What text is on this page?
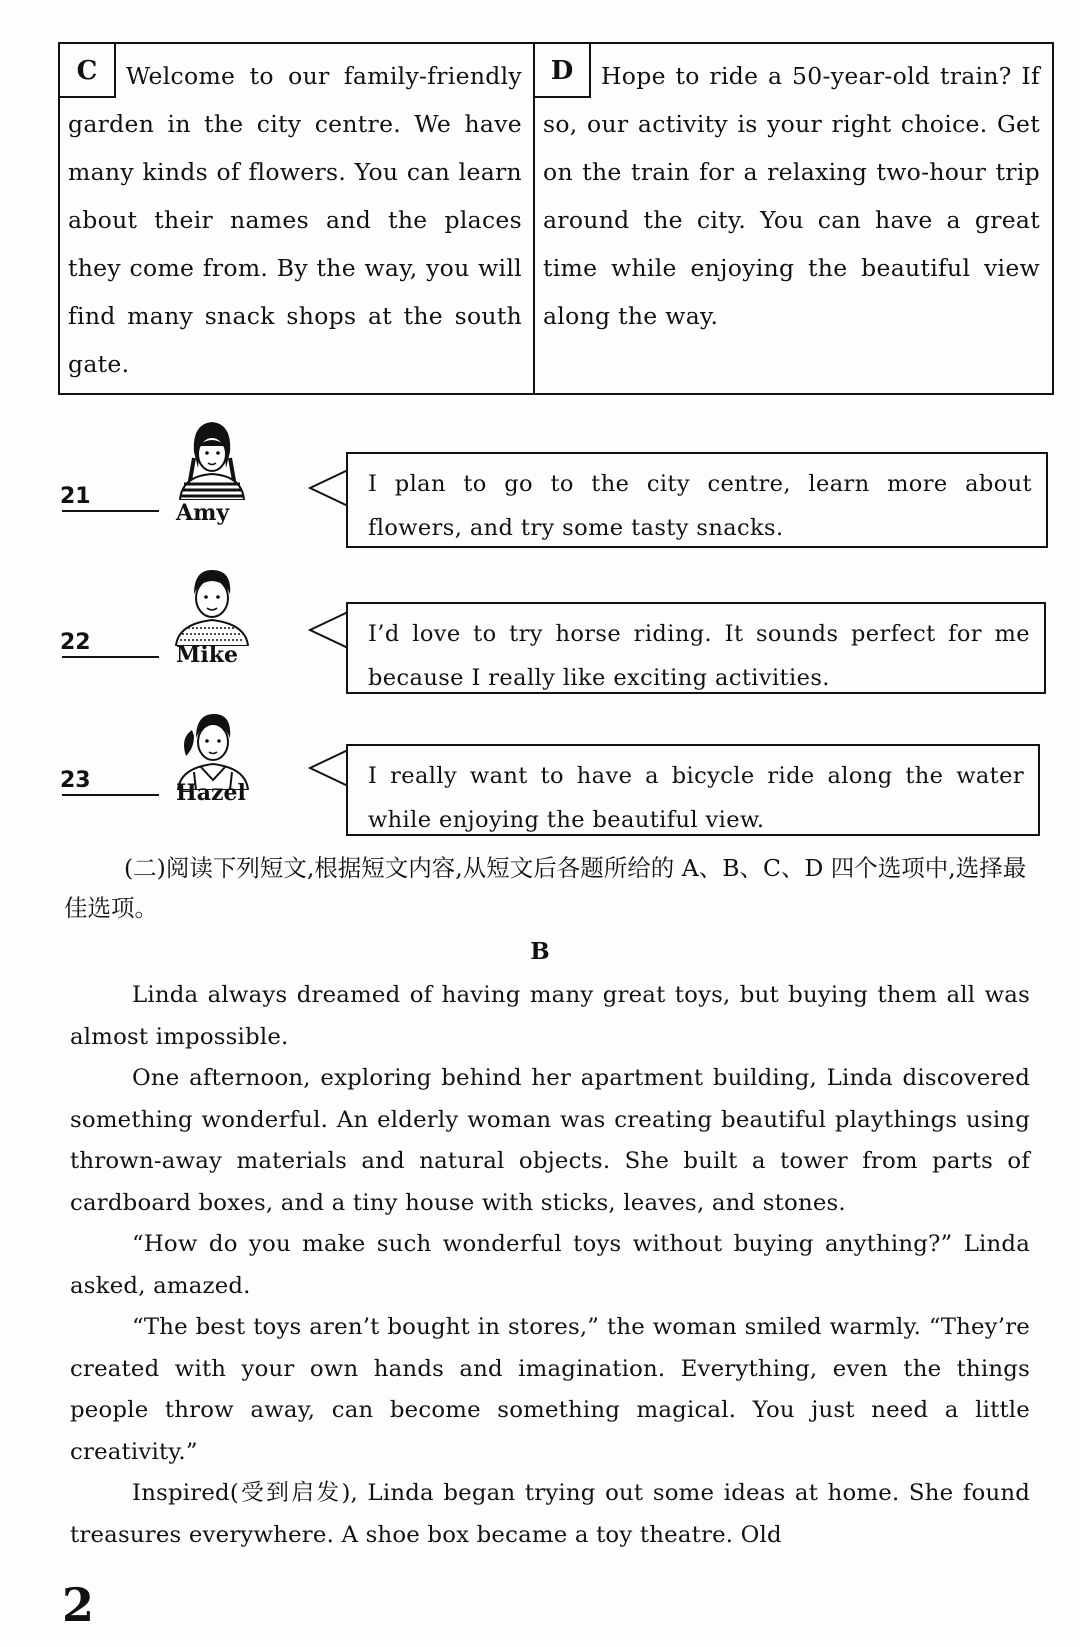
C	Welcome to our family-friendly garden in the city centre. We have many kinds of flowers. You can learn about their names and the places they come from. By the way, you will find many snack shops at the south gate.

D	Hope to ride a 50-year-old train? If so, our activity is your right choice. Get on the train for a relaxing two-hour trip around the city. You can have a great time while enjoying the beautiful view along the way.

21
Amy

I plan to go to the city centre, learn more about flowers, and try some tasty snacks.

22	Mike

I’d love to try horse riding. It sounds perfect for me because I really like exciting activities.

23	Hazel

I really want to have a bicycle ride along the water while enjoying the beautiful view.

(二)阅读下列短文,根据短文内容,从短文后各题所给的 A、B、C、D 四个选项中,选择最佳选项。

B

Linda always dreamed of having many great toys, but buying them all was almost impossible.

One afternoon, exploring behind her apartment building, Linda discovered something wonderful. An elderly woman was creating beautiful playthings using thrown-away materials and natural objects. She built a tower from parts of cardboard boxes, and a tiny house with sticks, leaves, and stones.

“How do you make such wonderful toys without buying anything?” Linda asked, amazed.

“The best toys aren’t bought in stores,” the woman smiled warmly. “They’re created with your own hands and imagination. Everything, even the things people throw away, can become something magical. You just need a little creativity.”

Inspired(受到启发), Linda began trying out some ideas at home. She found treasures everywhere. A shoe box became a toy theatre. Old

2
